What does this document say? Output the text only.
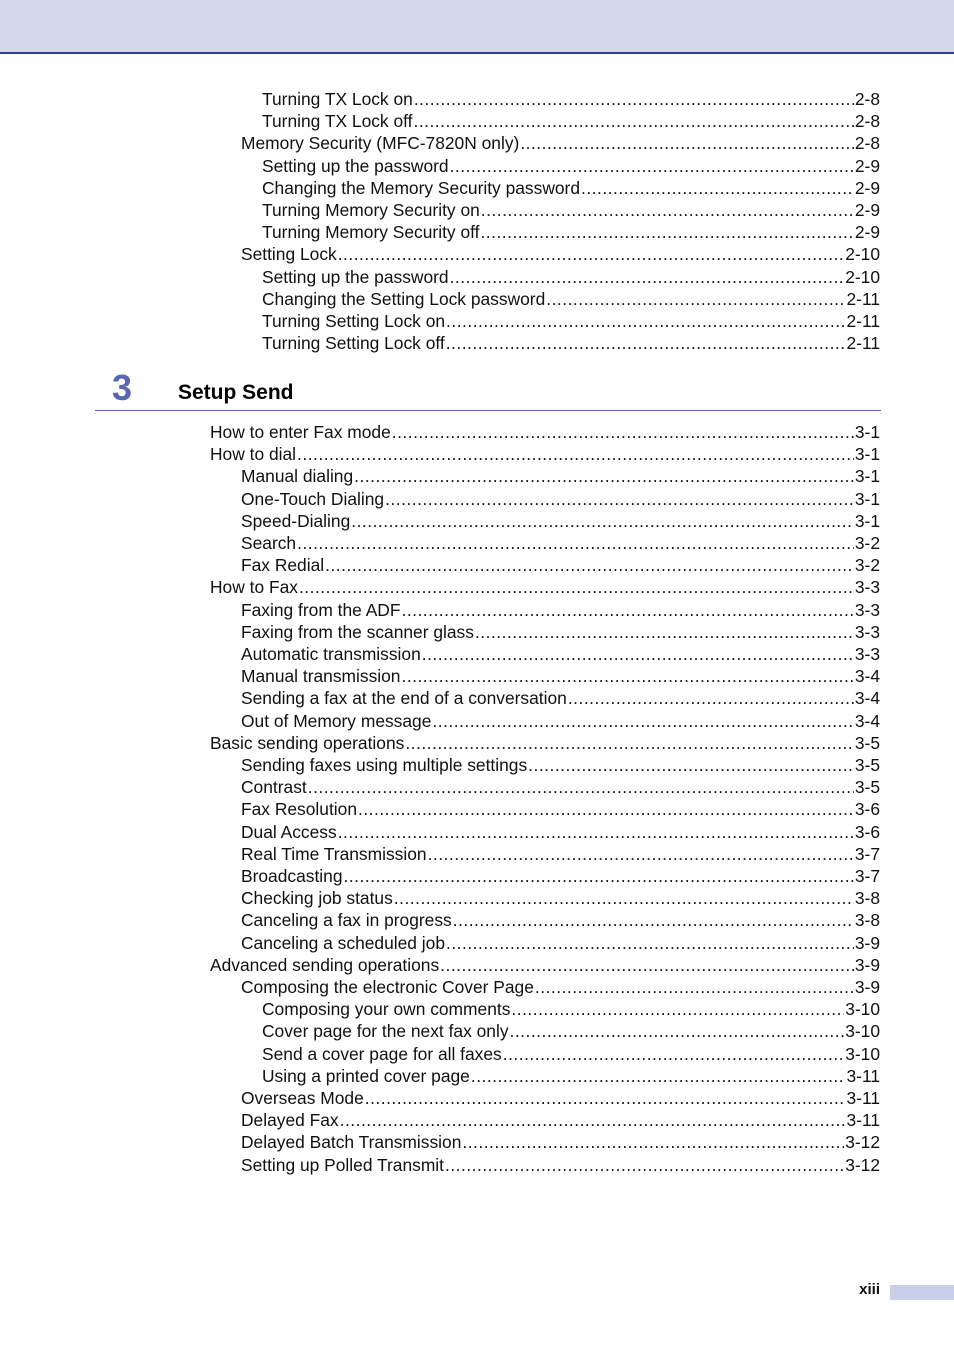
Turning TX Lock on .....	2-8
Turning TX Lock off .....	2-8
Memory Security (MFC-7820N only) .....	2-8
Setting up the password .....	2-9
Changing the Memory Security password .....	2-9
Turning Memory Security on .....	2-9
Turning Memory Security off .....	2-9
Setting Lock .....	2-10
Setting up the password .....	2-10
Changing the Setting Lock password .....	2-11
Turning Setting Lock on .....	2-11
Turning Setting Lock off .....	2-11
3 Setup Send
How to enter Fax mode .....	3-1
How to dial .....	3-1
Manual dialing .....	3-1
One-Touch Dialing .....	3-1
Speed-Dialing .....	3-1
Search .....	3-2
Fax Redial .....	3-2
How to Fax .....	3-3
Faxing from the ADF .....	3-3
Faxing from the scanner glass .....	3-3
Automatic transmission .....	3-3
Manual transmission .....	3-4
Sending a fax at the end of a conversation .....	3-4
Out of Memory message .....	3-4
Basic sending operations .....	3-5
Sending faxes using multiple settings .....	3-5
Contrast .....	3-5
Fax Resolution .....	3-6
Dual Access .....	3-6
Real Time Transmission .....	3-7
Broadcasting .....	3-7
Checking job status .....	3-8
Canceling a fax in progress .....	3-8
Canceling a scheduled job .....	3-9
Advanced sending operations .....	3-9
Composing the electronic Cover Page .....	3-9
Composing your own comments .....	3-10
Cover page for the next fax only .....	3-10
Send a cover page for all faxes .....	3-10
Using a printed cover page .....	3-11
Overseas Mode .....	3-11
Delayed Fax .....	3-11
Delayed Batch Transmission .....	3-12
Setting up Polled Transmit .....	3-12
xiii
